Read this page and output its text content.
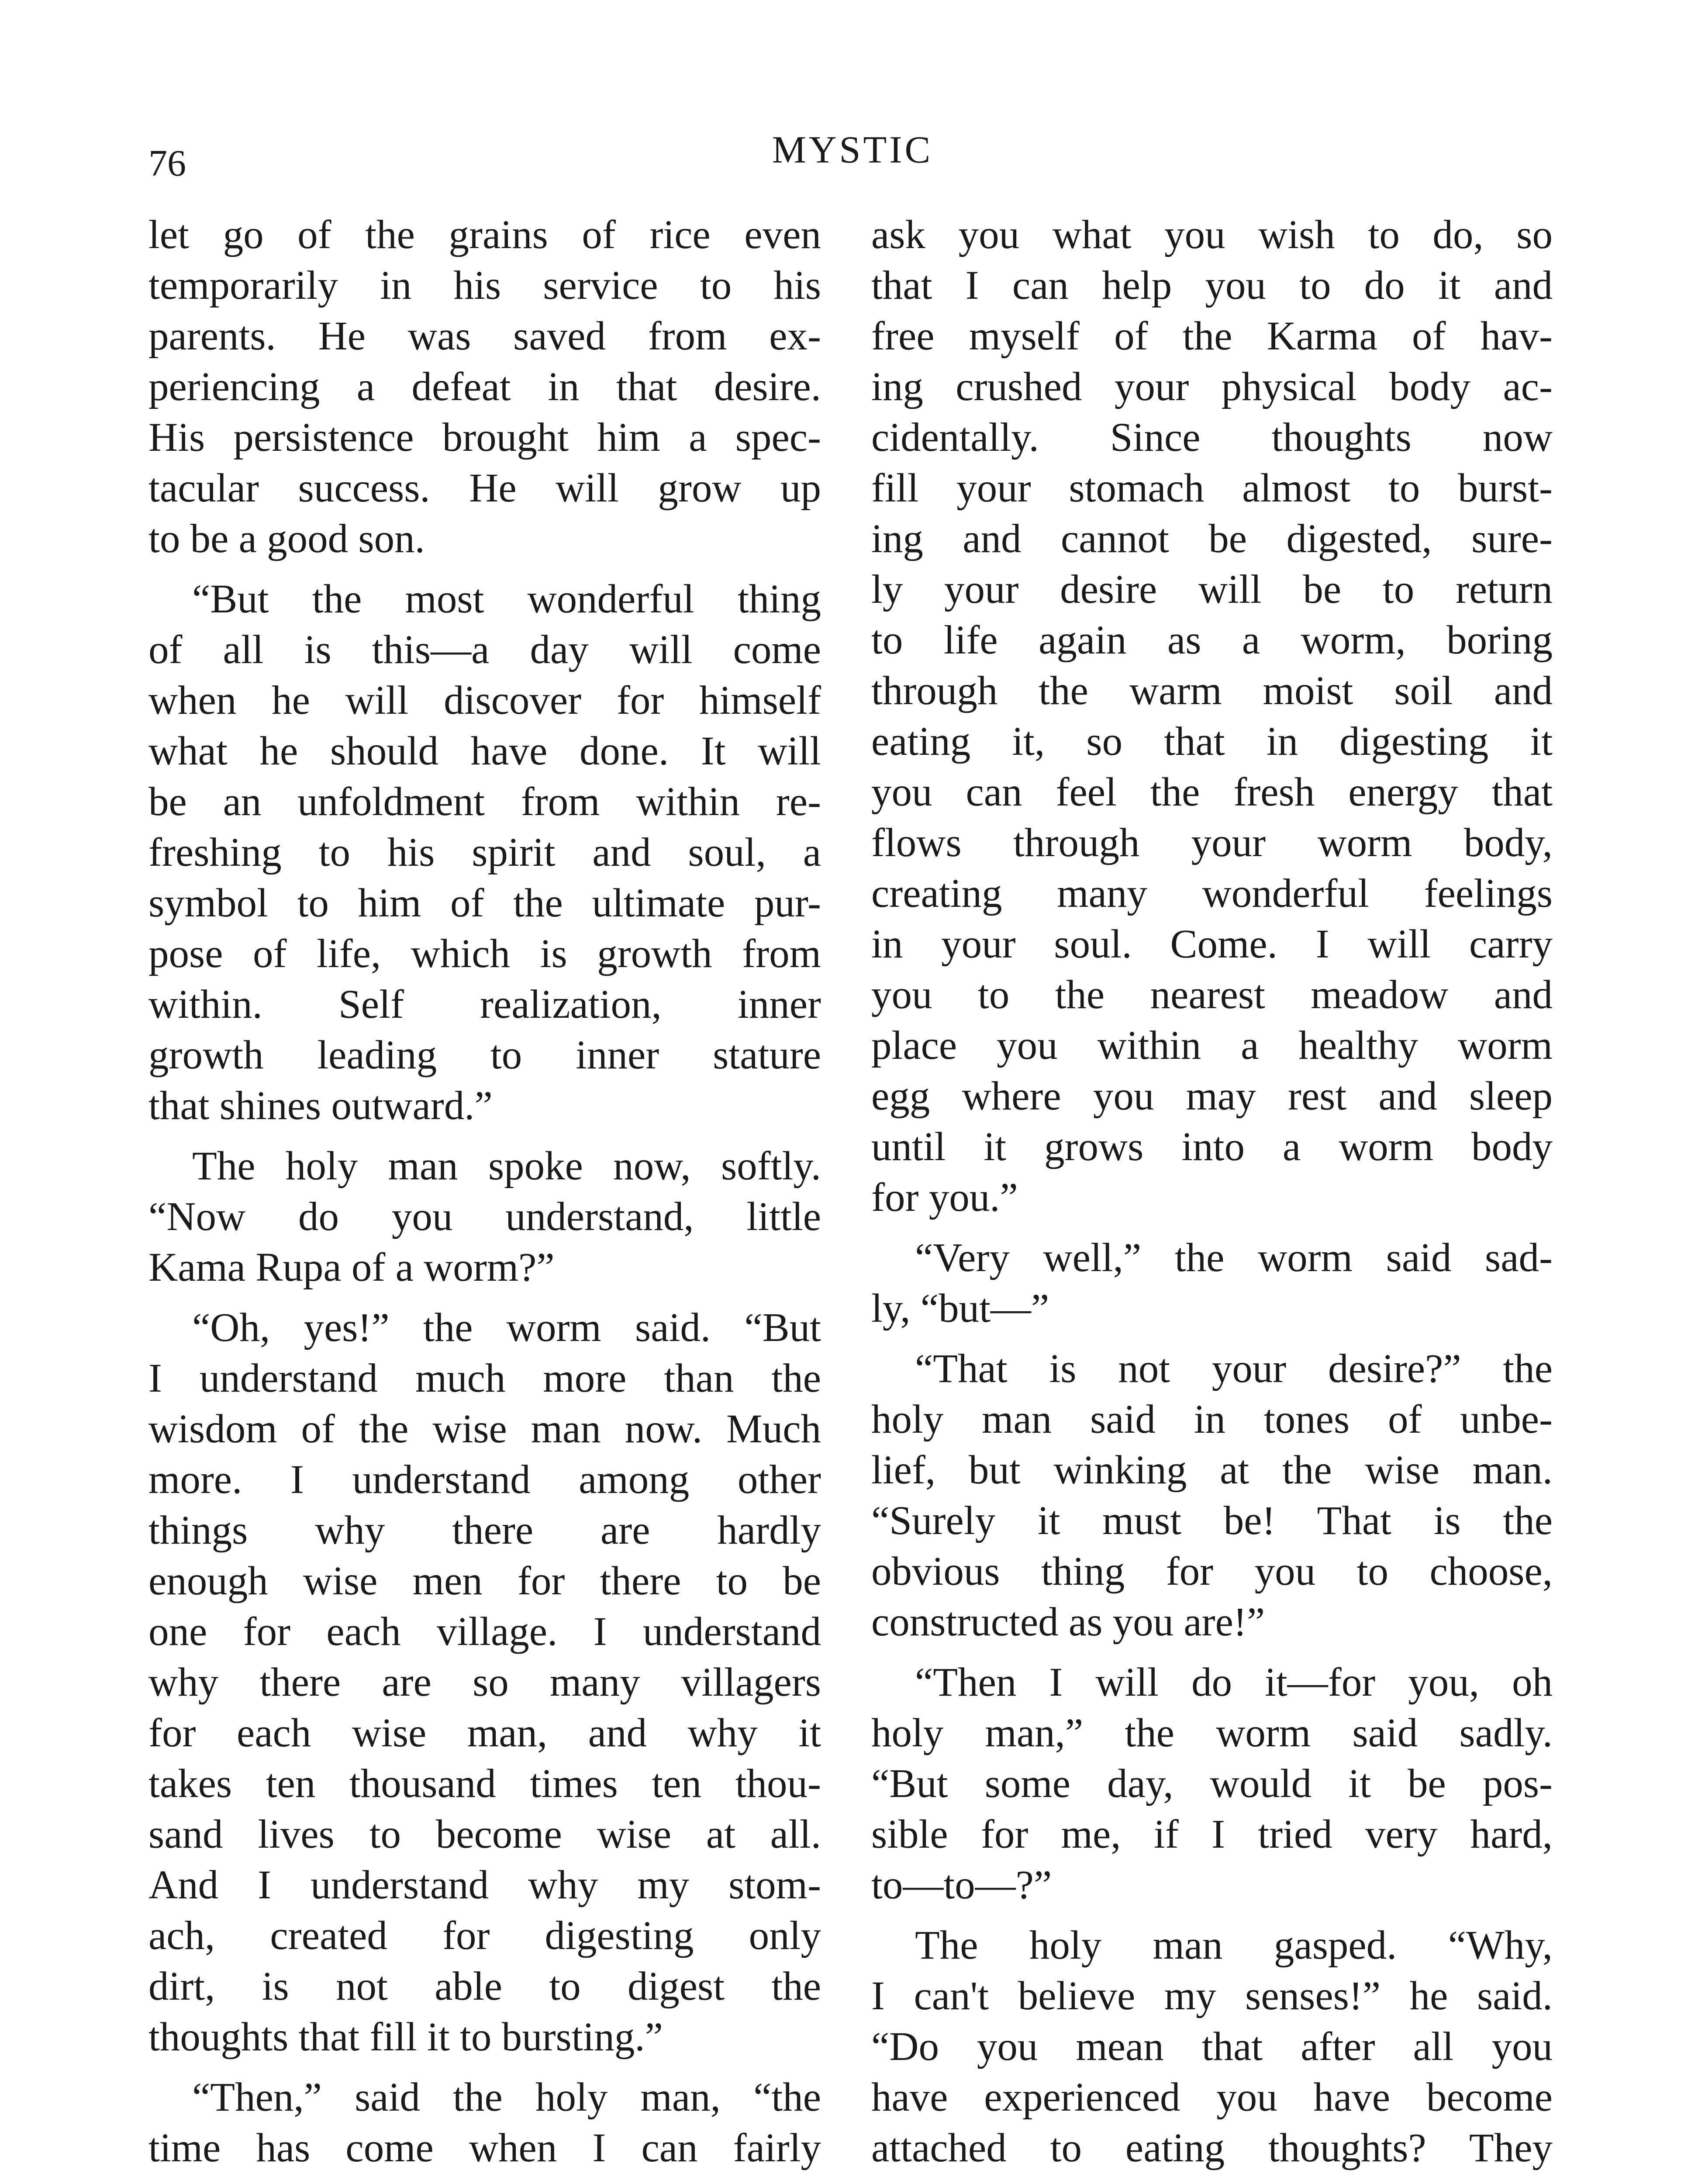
76	MYSTIC
let go of the grains of rice even
temporarily in his service to his
parents. He was saved from ex-
periencing a defeat in that desire.
His persistence brought him a spec-
tacular success. He will grow up
to be a good son.
“But the most wonderful thing
of all is this—a day will come
when he will discover for himself
what he should have done. It will
be an unfoldment from within re-
freshing to his spirit and soul, a
symbol to him of the ultimate pur-
pose of life, which is growth from
within. Self realization, inner
growth leading to inner stature
that shines outward.”
The holy man spoke now, softly.
“Now do you understand, little
Kama Rupa of a worm?”
“Oh, yes!” the worm said. “But
I understand much more than the
wisdom of the wise man now. Much
more. I understand among other
things why there are hardly
enough wise men for there to be
one for each village. I understand
why there are so many villagers
for each wise man, and why it
takes ten thousand times ten thou-
sand lives to become wise at all.
And I understand why my stom-
ach, created for digesting only
dirt, is not able to digest the
thoughts that fill it to bursting.”
“Then,” said the holy man, “the
time has come when I can fairly
ask you what you wish to do, so
that I can help you to do it and
free myself of the Karma of hav-
ing crushed your physical body ac-
cidentally. Since thoughts now
fill your stomach almost to burst-
ing and cannot be digested, sure-
ly your desire will be to return
to life again as a worm, boring
through the warm moist soil and
eating it, so that in digesting it
you can feel the fresh energy that
flows through your worm body,
creating many wonderful feelings
in your soul. Come. I will carry
you to the nearest meadow and
place you within a healthy worm
egg where you may rest and sleep
until it grows into a worm body
for you.”
“Very well,” the worm said sad-
ly, “but—”
“That is not your desire?” the
holy man said in tones of unbe-
lief, but winking at the wise man.
“Surely it must be! That is the
obvious thing for you to choose,
constructed as you are!”
“Then I will do it—for you, oh
holy man,” the worm said sadly.
“But some day, would it be pos-
sible for me, if I tried very hard,
to—to—?”
The holy man gasped. “Why,
I can't believe my senses!” he said.
“Do you mean that after all you
have experienced you have become
attached to eating thoughts? They
